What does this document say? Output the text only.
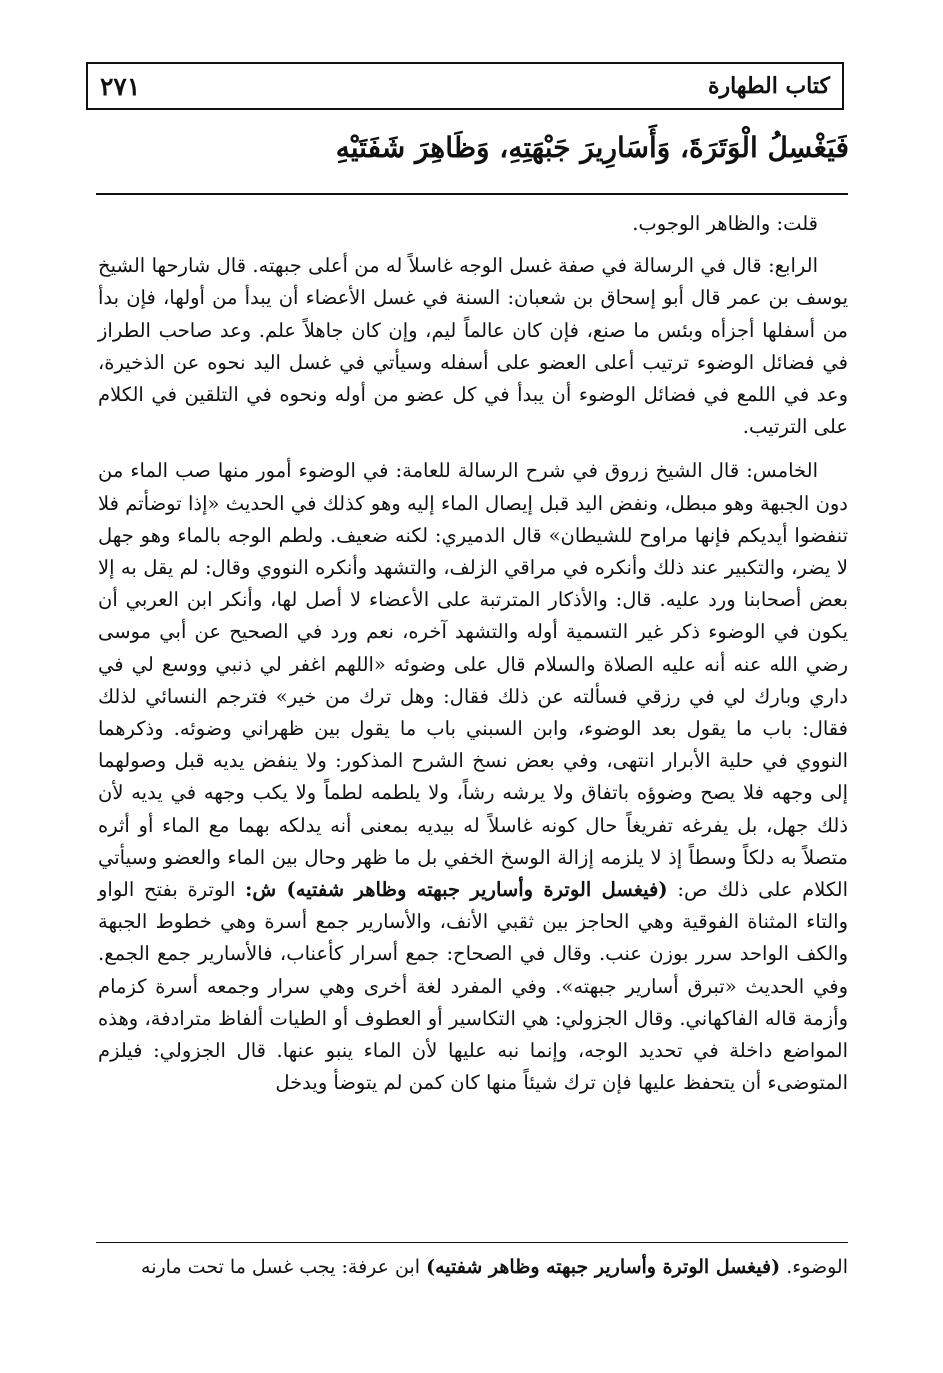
٢٧١	كتاب الطهارة
فَيَغْسِلُ الْوَتَرَةَ، وَأَسَارِيرَ جَبْهَتِهِ، وَظَاهِرَ شَفَتَيْهِ

قلت: والظاهر الوجوب.

الرابع: قال في الرسالة في صفة غسل الوجه غاسلاً له من أعلى جبهته. قال شارحها الشيخ يوسف بن عمر قال أبو إسحاق بن شعبان: السنة في غسل الأعضاء أن يبدأ من أولها، فإن بدأ من أسفلها أجزأه وبئس ما صنع، فإن كان عالماً ليم، وإن كان جاهلاً علم. وعد صاحب الطراز في فضائل الوضوء ترتيب أعلى العضو على أسفله وسيأتي في غسل اليد نحوه عن الذخيرة، وعد في اللمع في فضائل الوضوء أن يبدأ في كل عضو من أوله ونحوه في التلقين في الكلام على الترتيب.

الخامس: قال الشيخ زروق في شرح الرسالة للعامة: في الوضوء أمور منها صب الماء من دون الجبهة وهو مبطل، ونفض اليد قبل إيصال الماء إليه وهو كذلك في الحديث «إذا توضأتم فلا تنفضوا أيديكم فإنها مراوح للشيطان» قال الدميري: لكنه ضعيف. ولطم الوجه بالماء وهو جهل لا يضر، والتكبير عند ذلك وأنكره في مراقي الزلف، والتشهد وأنكره النووي وقال: لم يقل به إلا بعض أصحابنا ورد عليه. قال: والأذكار المترتبة على الأعضاء لا أصل لها، وأنكر ابن العربي أن يكون في الوضوء ذكر غير التسمية أوله والتشهد آخره، نعم ورد في الصحيح عن أبي موسى رضي الله عنه أنه عليه الصلاة والسلام قال على وضوئه «اللهم اغفر لي ذنبي ووسع لي في داري وبارك لي في رزقي فسألته عن ذلك فقال: وهل ترك من خير» فترجم النسائي لذلك فقال: باب ما يقول بعد الوضوء، وابن السبني باب ما يقول بين ظهراني وضوئه. وذكرهما النووي في حلية الأبرار انتهى، وفي بعض نسخ الشرح المذكور: ولا ينفض يديه قبل وصولهما إلى وجهه فلا يصح وضوؤه باتفاق ولا يرشه رشاً، ولا يلطمه لطماً ولا يكب وجهه في يديه لأن ذلك جهل، بل يفرغه تفريغاً حال كونه غاسلاً له بيديه بمعنى أنه يدلكه بهما مع الماء أو أثره متصلاً به دلكاً وسطاً إذ لا يلزمه إزالة الوسخ الخفي بل ما ظهر وحال بين الماء والعضو وسيأتي الكلام على ذلك ص: (فيغسل الوترة وأسارير جبهته وظاهر شفتيه) ش: الوترة بفتح الواو والتاء المثناة الفوقية وهي الحاجز بين ثقبي الأنف، والأسارير جمع أسرة وهي خطوط الجبهة والكف الواحد سرر بوزن عنب. وقال في الصحاح: جمع أسرار كأعناب، فالأسارير جمع الجمع. وفي الحديث «تبرق أسارير جبهته». وفي المفرد لغة أخرى وهي سرار وجمعه أسرة كزمام وأزمة قاله الفاكهاني. وقال الجزولي: هي التكاسير أو العطوف أو الطيات ألفاظ مترادفة، وهذه المواضع داخلة في تحديد الوجه، وإنما نبه عليها لأن الماء ينبو عنها. قال الجزولي: فيلزم المتوضىء أن يتحفظ عليها فإن ترك شيئاً منها كان كمن لم يتوضأ ويدخل

الوضوء. (فيغسل الوترة وأسارير جبهته وظاهر شفتيه) ابن عرفة: يجب غسل ما تحت مارنه
